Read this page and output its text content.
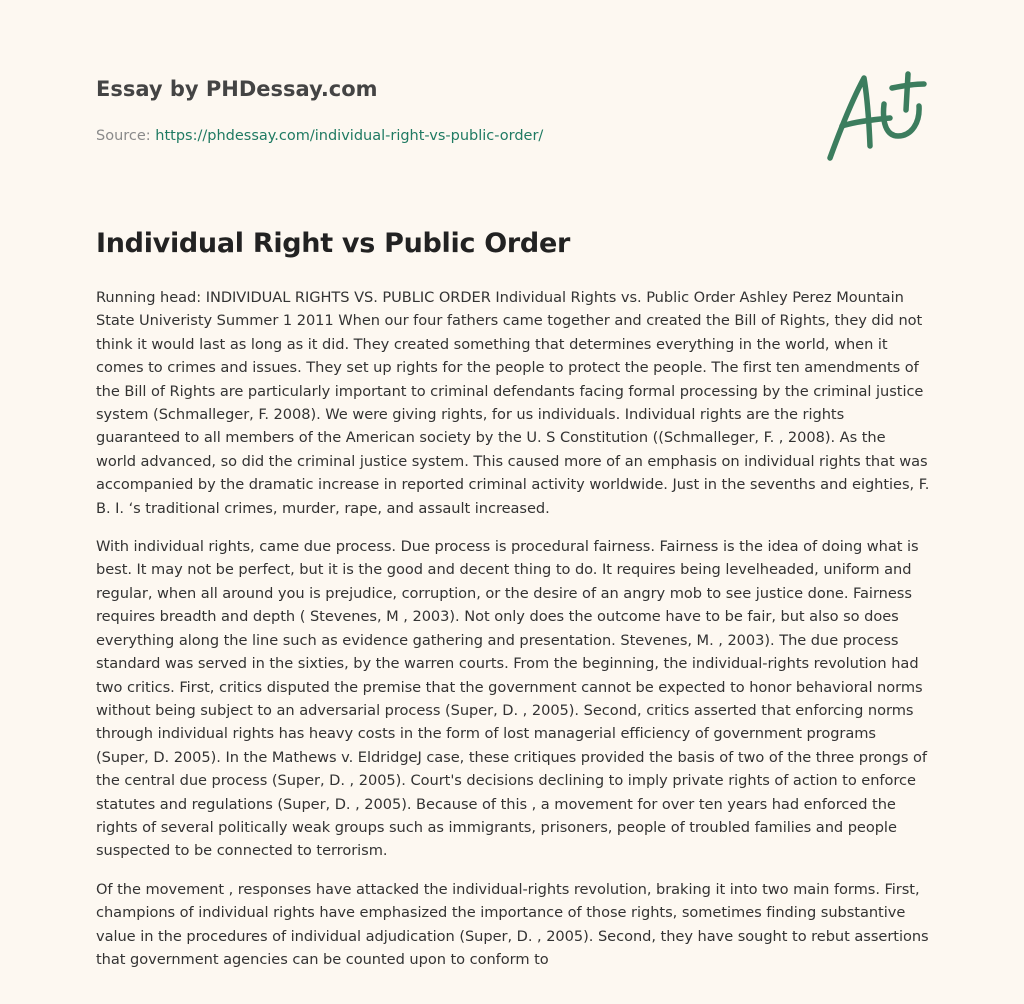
Essay by PHDessay.com
Source: https://phdessay.com/individual-right-vs-public-order/
Individual Right vs Public Order

Running head: INDIVIDUAL RIGHTS VS. PUBLIC ORDER Individual Rights vs. Public Order Ashley Perez Mountain State Univeristy Summer 1 2011 When our four fathers came together and created the Bill of Rights, they did not think it would last as long as it did. They created something that determines everything in the world, when it comes to crimes and issues. They set up rights for the people to protect the people. The first ten amendments of the Bill of Rights are particularly important to criminal defendants facing formal processing by the criminal justice system (Schmalleger, F. 2008). We were giving rights, for us individuals. Individual rights are the rights guaranteed to all members of the American society by the U. S Constitution ((Schmalleger, F. , 2008). As the world advanced, so did the criminal justice system. This caused more of an emphasis on individual rights that was accompanied by the dramatic increase in reported criminal activity worldwide. Just in the sevenths and eighties, F. B. I. ‘s traditional crimes, murder, rape, and assault increased.

With individual rights, came due process. Due process is procedural fairness. Fairness is the idea of doing what is best. It may not be perfect, but it is the good and decent thing to do. It requires being levelheaded, uniform and regular, when all around you is prejudice, corruption, or the desire of an angry mob to see justice done. Fairness requires breadth and depth ( Stevenes, M , 2003). Not only does the outcome have to be fair, but also so does everything along the line such as evidence gathering and presentation. Stevenes, M. , 2003). The due process standard was served in the sixties, by the warren courts. From the beginning, the individual-rights revolution had two critics. First, critics disputed the premise that the government cannot be expected to honor behavioral norms without being subject to an adversarial process (Super, D. , 2005). Second, critics asserted that enforcing norms through individual rights has heavy costs in the form of lost managerial efficiency of government programs (Super, D. 2005). In the Mathews v. EldridgeJ case, these critiques provided the basis of two of the three prongs of the central due process (Super, D. , 2005). Court's decisions declining to imply private rights of action to enforce statutes and regulations (Super, D. , 2005). Because of this , a movement for over ten years had enforced the rights of several politically weak groups such as immigrants, prisoners, people of troubled families and people suspected to be connected to terrorism.

Of the movement , responses have attacked the individual-rights revolution, braking it into two main forms. First, champions of individual rights have emphasized the importance of those rights, sometimes finding substantive value in the procedures of individual adjudication (Super, D. , 2005). Second, they have sought to rebut assertions that government agencies can be counted upon to conform to
